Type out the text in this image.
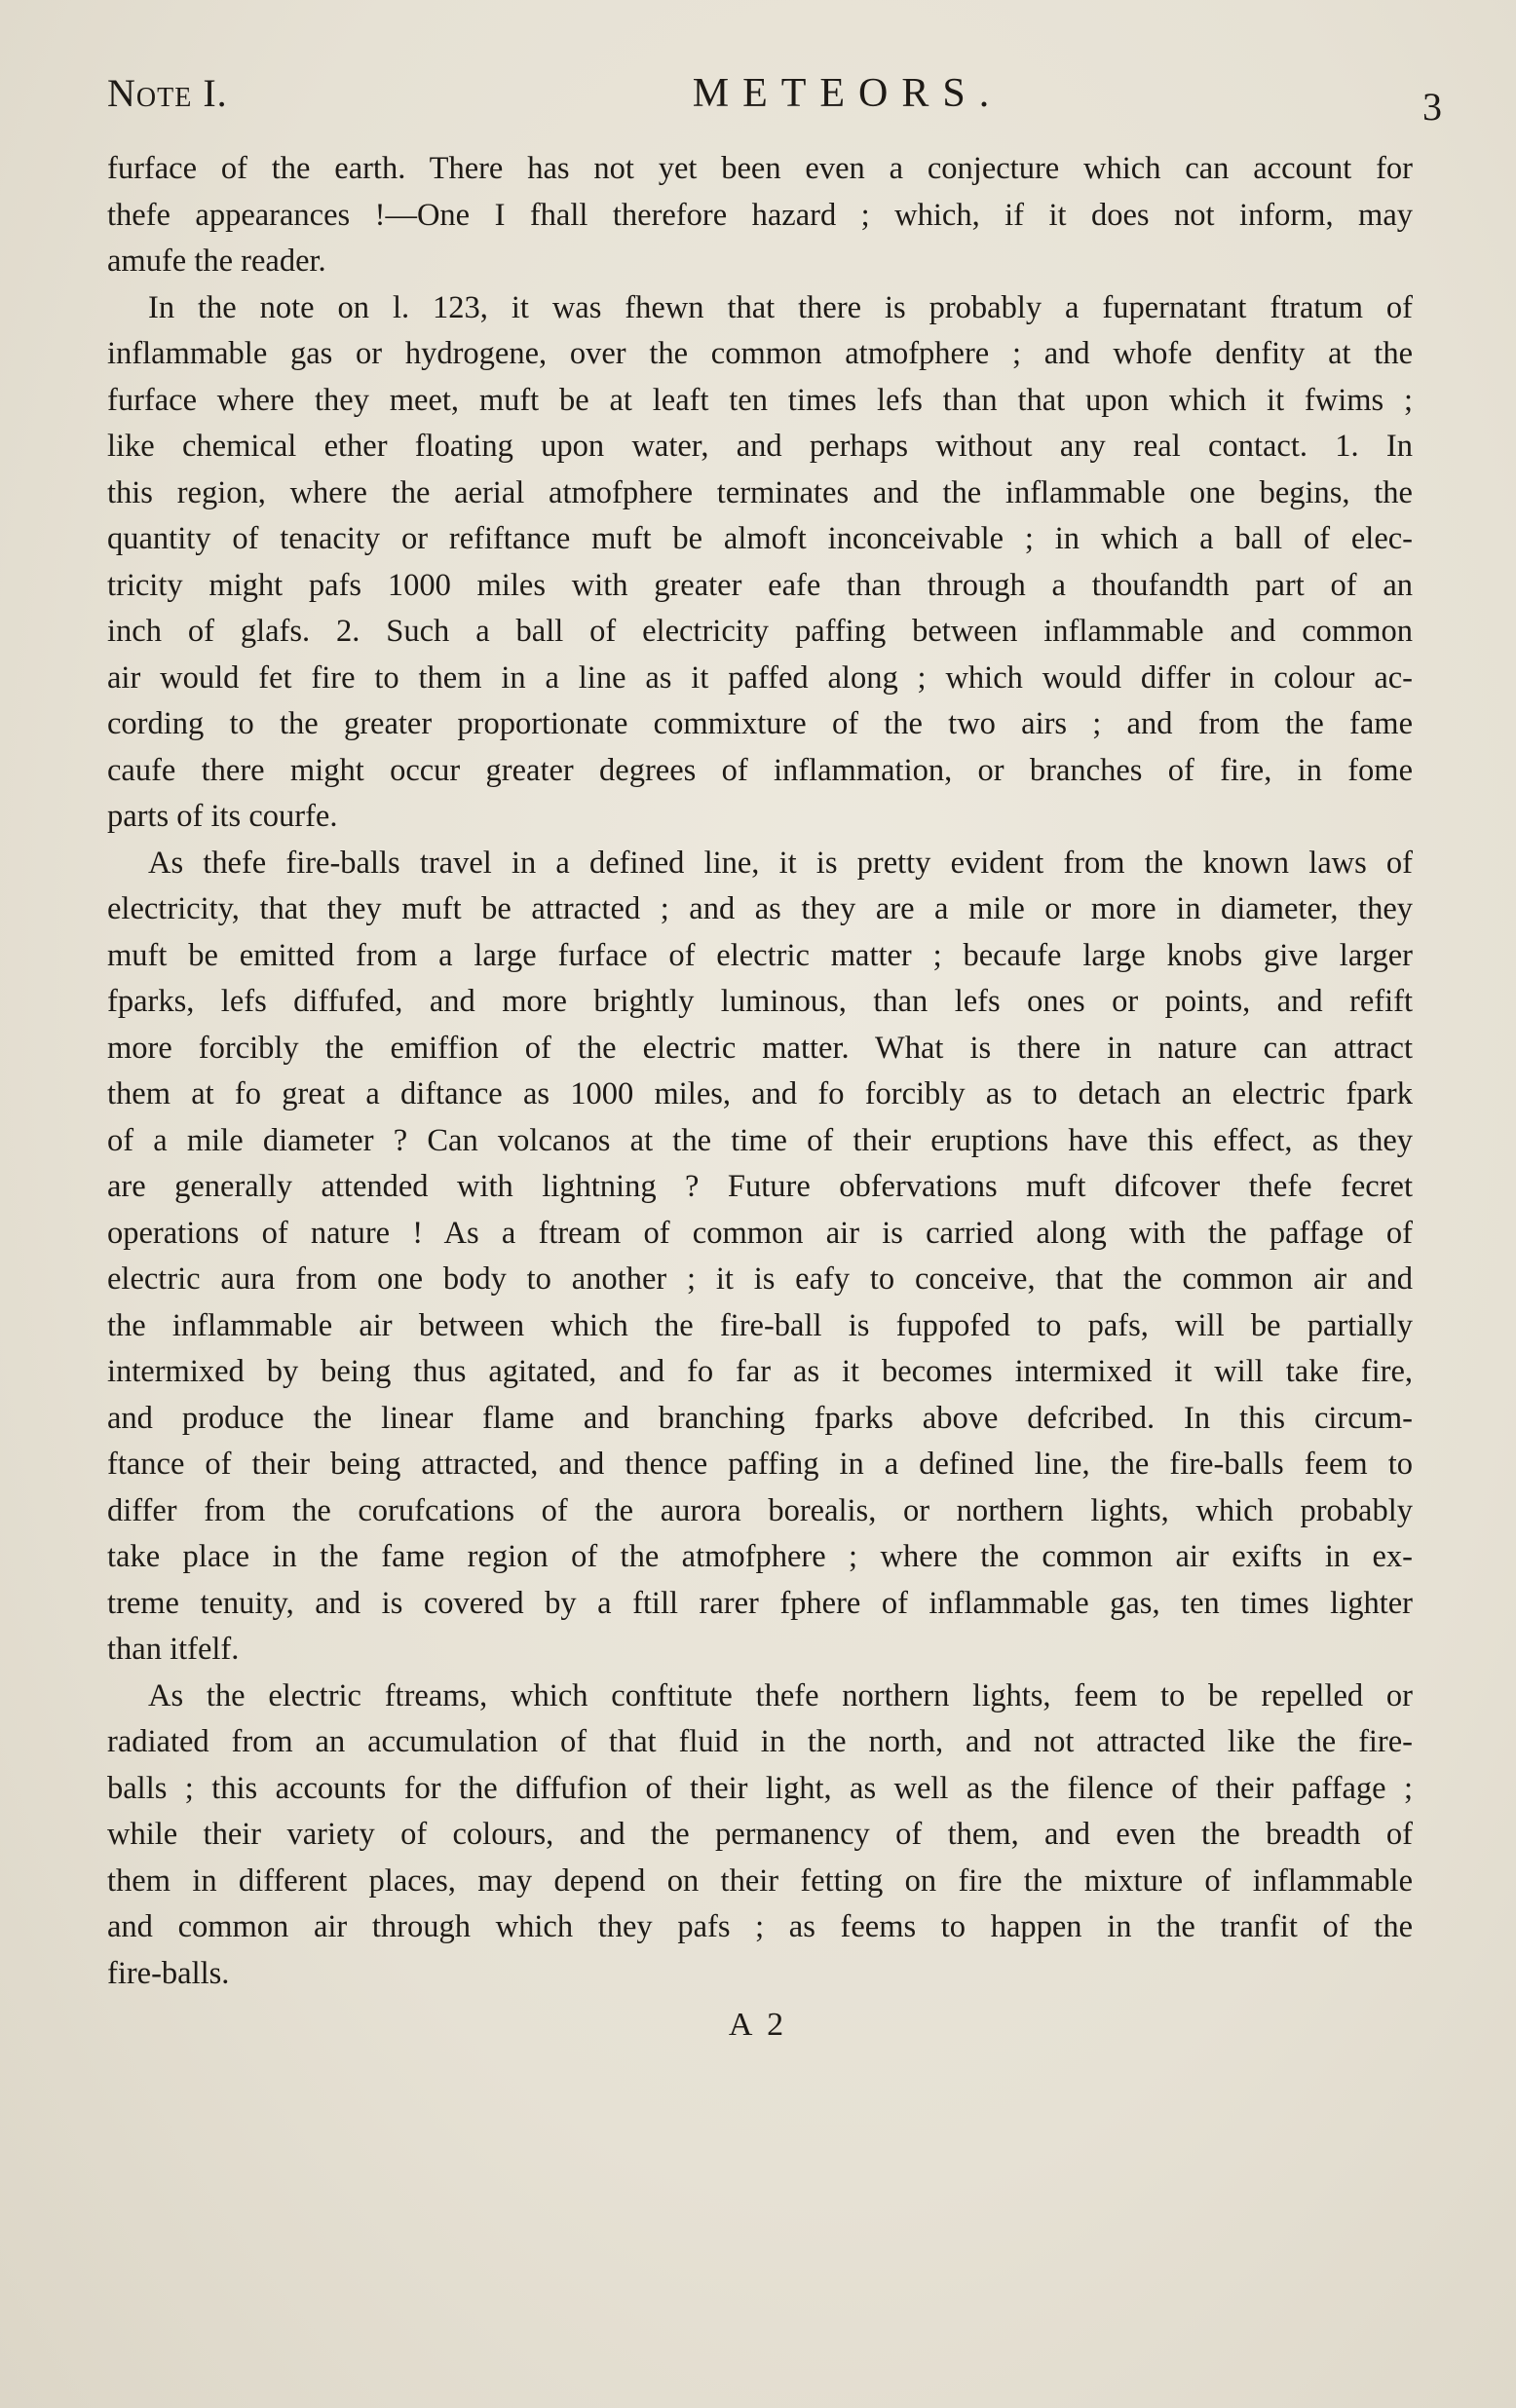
Note I.	METEORS.	3
furface of the earth. There has not yet been even a conjecture which can account for
thefe appearances !—One I fhall therefore hazard ; which, if it does not inform, may
amufe the reader.
In the note on l. 123, it was fhewn that there is probably a fupernatant ftratum of
inflammable gas or hydrogene, over the common atmofphere ; and whofe denfity at the
furface where they meet, muft be at leaft ten times lefs than that upon which it fwims ;
like chemical ether floating upon water, and perhaps without any real contact. 1. In
this region, where the aerial atmofphere terminates and the inflammable one begins, the
quantity of tenacity or refiftance muft be almoft inconceivable ; in which a ball of elec-
tricity might pafs 1000 miles with greater eafe than through a thoufandth part of an
inch of glafs. 2. Such a ball of electricity paffing between inflammable and common
air would fet fire to them in a line as it paffed along ; which would differ in colour ac-
cording to the greater proportionate commixture of the two airs ; and from the fame
caufe there might occur greater degrees of inflammation, or branches of fire, in fome
parts of its courfe.
As thefe fire-balls travel in a defined line, it is pretty evident from the known laws of
electricity, that they muft be attracted ; and as they are a mile or more in diameter, they
muft be emitted from a large furface of electric matter ; becaufe large knobs give larger
fparks, lefs diffufed, and more brightly luminous, than lefs ones or points, and refift
more forcibly the emiffion of the electric matter. What is there in nature can attract
them at fo great a diftance as 1000 miles, and fo forcibly as to detach an electric fpark
of a mile diameter ? Can volcanos at the time of their eruptions have this effect, as they
are generally attended with lightning ? Future obfervations muft difcover thefe fecret
operations of nature ! As a ftream of common air is carried along with the paffage of
electric aura from one body to another ; it is eafy to conceive, that the common air and
the inflammable air between which the fire-ball is fuppofed to pafs, will be partially
intermixed by being thus agitated, and fo far as it becomes intermixed it will take fire,
and produce the linear flame and branching fparks above defcribed. In this circum-
ftance of their being attracted, and thence paffing in a defined line, the fire-balls feem to
differ from the corufcations of the aurora borealis, or northern lights, which probably
take place in the fame region of the atmofphere ; where the common air exifts in ex-
treme tenuity, and is covered by a ftill rarer fphere of inflammable gas, ten times lighter
than itfelf.
As the electric ftreams, which conftitute thefe northern lights, feem to be repelled or
radiated from an accumulation of that fluid in the north, and not attracted like the fire-
balls ; this accounts for the diffufion of their light, as well as the filence of their paffage ;
while their variety of colours, and the permanency of them, and even the breadth of
them in different places, may depend on their fetting on fire the mixture of inflammable
and common air through which they pafs ; as feems to happen in the tranfit of the
fire-balls.
A 2
